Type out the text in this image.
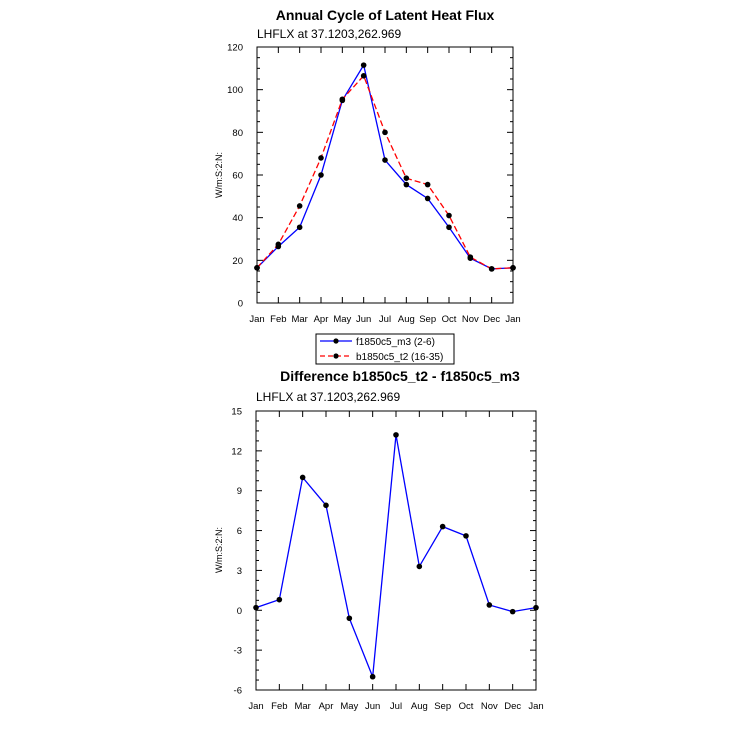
Annual Cycle of Latent Heat Flux
LHFLX at 37.1203,262.969
W/m:S:2:N:
Jan Feb Mar Apr May Jun Jul Aug Sep Oct Nov Dec Jan
0
20
40
60
80
100
120
f1850c5_m3 (2-6)
b1850c5_t2 (16-35)
Difference b1850c5_t2 - f1850c5_m3
LHFLX at 37.1203,262.969
W/m:S:2:N:
Jan Feb Mar Apr May Jun Jul Aug Sep Oct Nov Dec Jan
-6
-3
0
3
6
9
12
15
